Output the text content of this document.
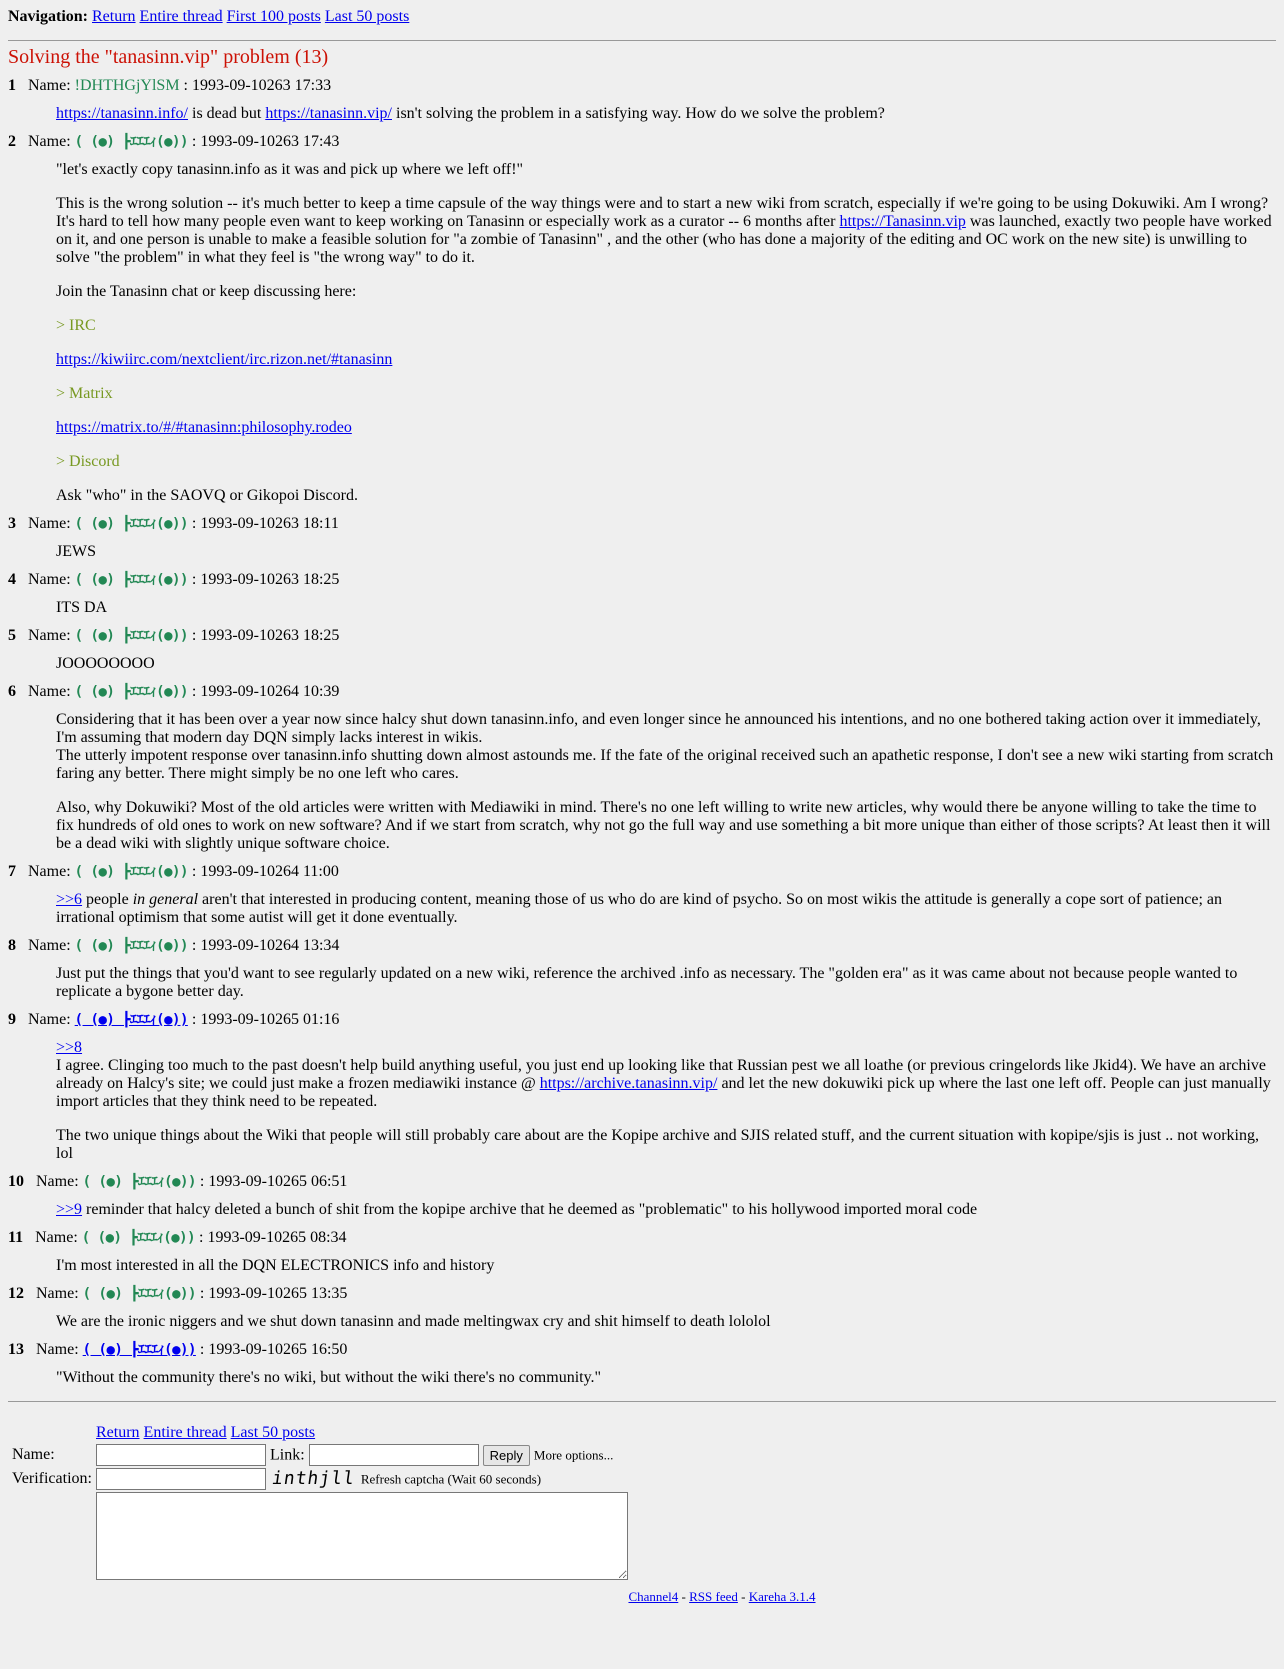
Navigation: Return Entire thread First 100 posts Last 50 posts
Solving the "tanasinn.vip" problem (13)
1 Name: !DHTHGjYlSM : 1993-09-10263 17:33

https://tanasinn.info/ is dead but https://tanasinn.vip/ isn't solving the problem in a satisfying way. How do we solve the problem?

2 Name: ( (●) ┣ｴｴｴｨ(●)) : 1993-09-10263 17:43

"let's exactly copy tanasinn.info as it was and pick up where we left off!"

This is the wrong solution -- it's much better to keep a time capsule of the way things were and to start a new wiki from scratch, especially if we're going to be using Dokuwiki. Am I wrong? It's hard to tell how many people even want to keep working on Tanasinn or especially work as a curator -- 6 months after https://Tanasinn.vip was launched, exactly two people have worked on it, and one person is unable to make a feasible solution for "a zombie of Tanasinn" , and the other (who has done a majority of the editing and OC work on the new site) is unwilling to solve "the problem" in what they feel is "the wrong way" to do it.

Join the Tanasinn chat or keep discussing here:

> IRC

https://kiwiirc.com/nextclient/irc.rizon.net/#tanasinn

> Matrix

https://matrix.to/#/#tanasinn:philosophy.rodeo

> Discord

Ask "who" in the SAOVQ or Gikopoi Discord.

3 Name: ( (●) ┣ｴｴｴｨ(●)) : 1993-09-10263 18:11

JEWS

4 Name: ( (●) ┣ｴｴｴｨ(●)) : 1993-09-10263 18:25

ITS DA

5 Name: ( (●) ┣ｴｴｴｨ(●)) : 1993-09-10263 18:25

JOOOOOOOO

6 Name: ( (●) ┣ｴｴｴｨ(●)) : 1993-09-10264 10:39

Considering that it has been over a year now since halcy shut down tanasinn.info, and even longer since he announced his intentions, and no one bothered taking action over it immediately, I'm assuming that modern day DQN simply lacks interest in wikis.
The utterly impotent response over tanasinn.info shutting down almost astounds me. If the fate of the original received such an apathetic response, I don't see a new wiki starting from scratch faring any better. There might simply be no one left who cares.

Also, why Dokuwiki? Most of the old articles were written with Mediawiki in mind. There's no one left willing to write new articles, why would there be anyone willing to take the time to fix hundreds of old ones to work on new software? And if we start from scratch, why not go the full way and use something a bit more unique than either of those scripts? At least then it will be a dead wiki with slightly unique software choice.

7 Name: ( (●) ┣ｴｴｴｨ(●)) : 1993-09-10264 11:00

>>6 people in general aren't that interested in producing content, meaning those of us who do are kind of psycho. So on most wikis the attitude is generally a cope sort of patience; an irrational optimism that some autist will get it done eventually.

8 Name: ( (●) ┣ｴｴｴｨ(●)) : 1993-09-10264 13:34

Just put the things that you'd want to see regularly updated on a new wiki, reference the archived .info as necessary. The "golden era" as it was came about not because people wanted to replicate a bygone better day.

9 Name: ( (●) ┣ｴｴｴｨ(●)) : 1993-09-10265 01:16

>>8
I agree. Clinging too much to the past doesn't help build anything useful, you just end up looking like that Russian pest we all loathe (or previous cringelords like Jkid4). We have an archive already on Halcy's site; we could just make a frozen mediawiki instance @ https://archive.tanasinn.vip/ and let the new dokuwiki pick up where the last one left off. People can just manually import articles that they think need to be repeated.

The two unique things about the Wiki that people will still probably care about are the Kopipe archive and SJIS related stuff, and the current situation with kopipe/sjis is just .. not working, lol

10 Name: ( (●) ┣ｴｴｴｨ(●)) : 1993-09-10265 06:51

>>9 reminder that halcy deleted a bunch of shit from the kopipe archive that he deemed as "problematic" to his hollywood imported moral code

11 Name: ( (●) ┣ｴｴｴｨ(●)) : 1993-09-10265 08:34

I'm most interested in all the DQN ELECTRONICS info and history

12 Name: ( (●) ┣ｴｴｴｨ(●)) : 1993-09-10265 13:35

We are the ironic niggers and we shut down tanasinn and made meltingwax cry and shit himself to death lololol

13 Name: ( (●) ┣ｴｴｴｨ(●)) : 1993-09-10265 16:50

"Without the community there's no wiki, but without the wiki there's no community."

	Return Entire thread Last 50 posts
Name:	Link: Reply More options...
Verification:	inthjll Refresh captcha (Wait 60 seconds)

Channel4 - RSS feed - Kareha 3.1.4
